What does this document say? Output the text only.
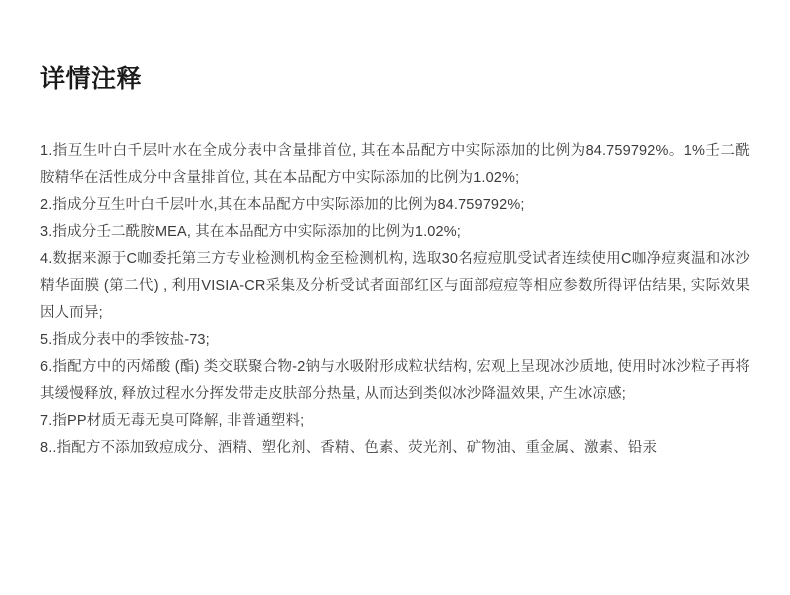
详情注释

1.指互生叶白千层叶水在全成分表中含量排首位, 其在本品配方中实际添加的比例为84.759792%。1%壬二酰胺精华在活性成分中含量排首位, 其在本品配方中实际添加的比例为1.02%;

2.指成分互生叶白千层叶水,其在本品配方中实际添加的比例为84.759792%;

3.指成分壬二酰胺MEA, 其在本品配方中实际添加的比例为1.02%;

4.数据来源于C咖委托第三方专业检测机构金至检测机构, 选取30名痘痘肌受试者连续使用C咖净痘爽温和冰沙精华面膜 (第二代) , 利用VISIA-CR采集及分析受试者面部红区与面部痘痘等相应参数所得评估结果, 实际效果因人而异;

5.指成分表中的季铵盐-73;

6.指配方中的丙烯酸 (酯) 类交联聚合物-2钠与水吸附形成粒状结构, 宏观上呈现冰沙质地, 使用时冰沙粒子再将其缓慢释放, 释放过程水分挥发带走皮肤部分热量, 从而达到类似冰沙降温效果, 产生冰凉感;

7.指PP材质无毒无臭可降解, 非普通塑料;

8..指配方不添加致痘成分、酒精、塑化剂、香精、色素、荧光剂、矿物油、重金属、激素、铅汞
